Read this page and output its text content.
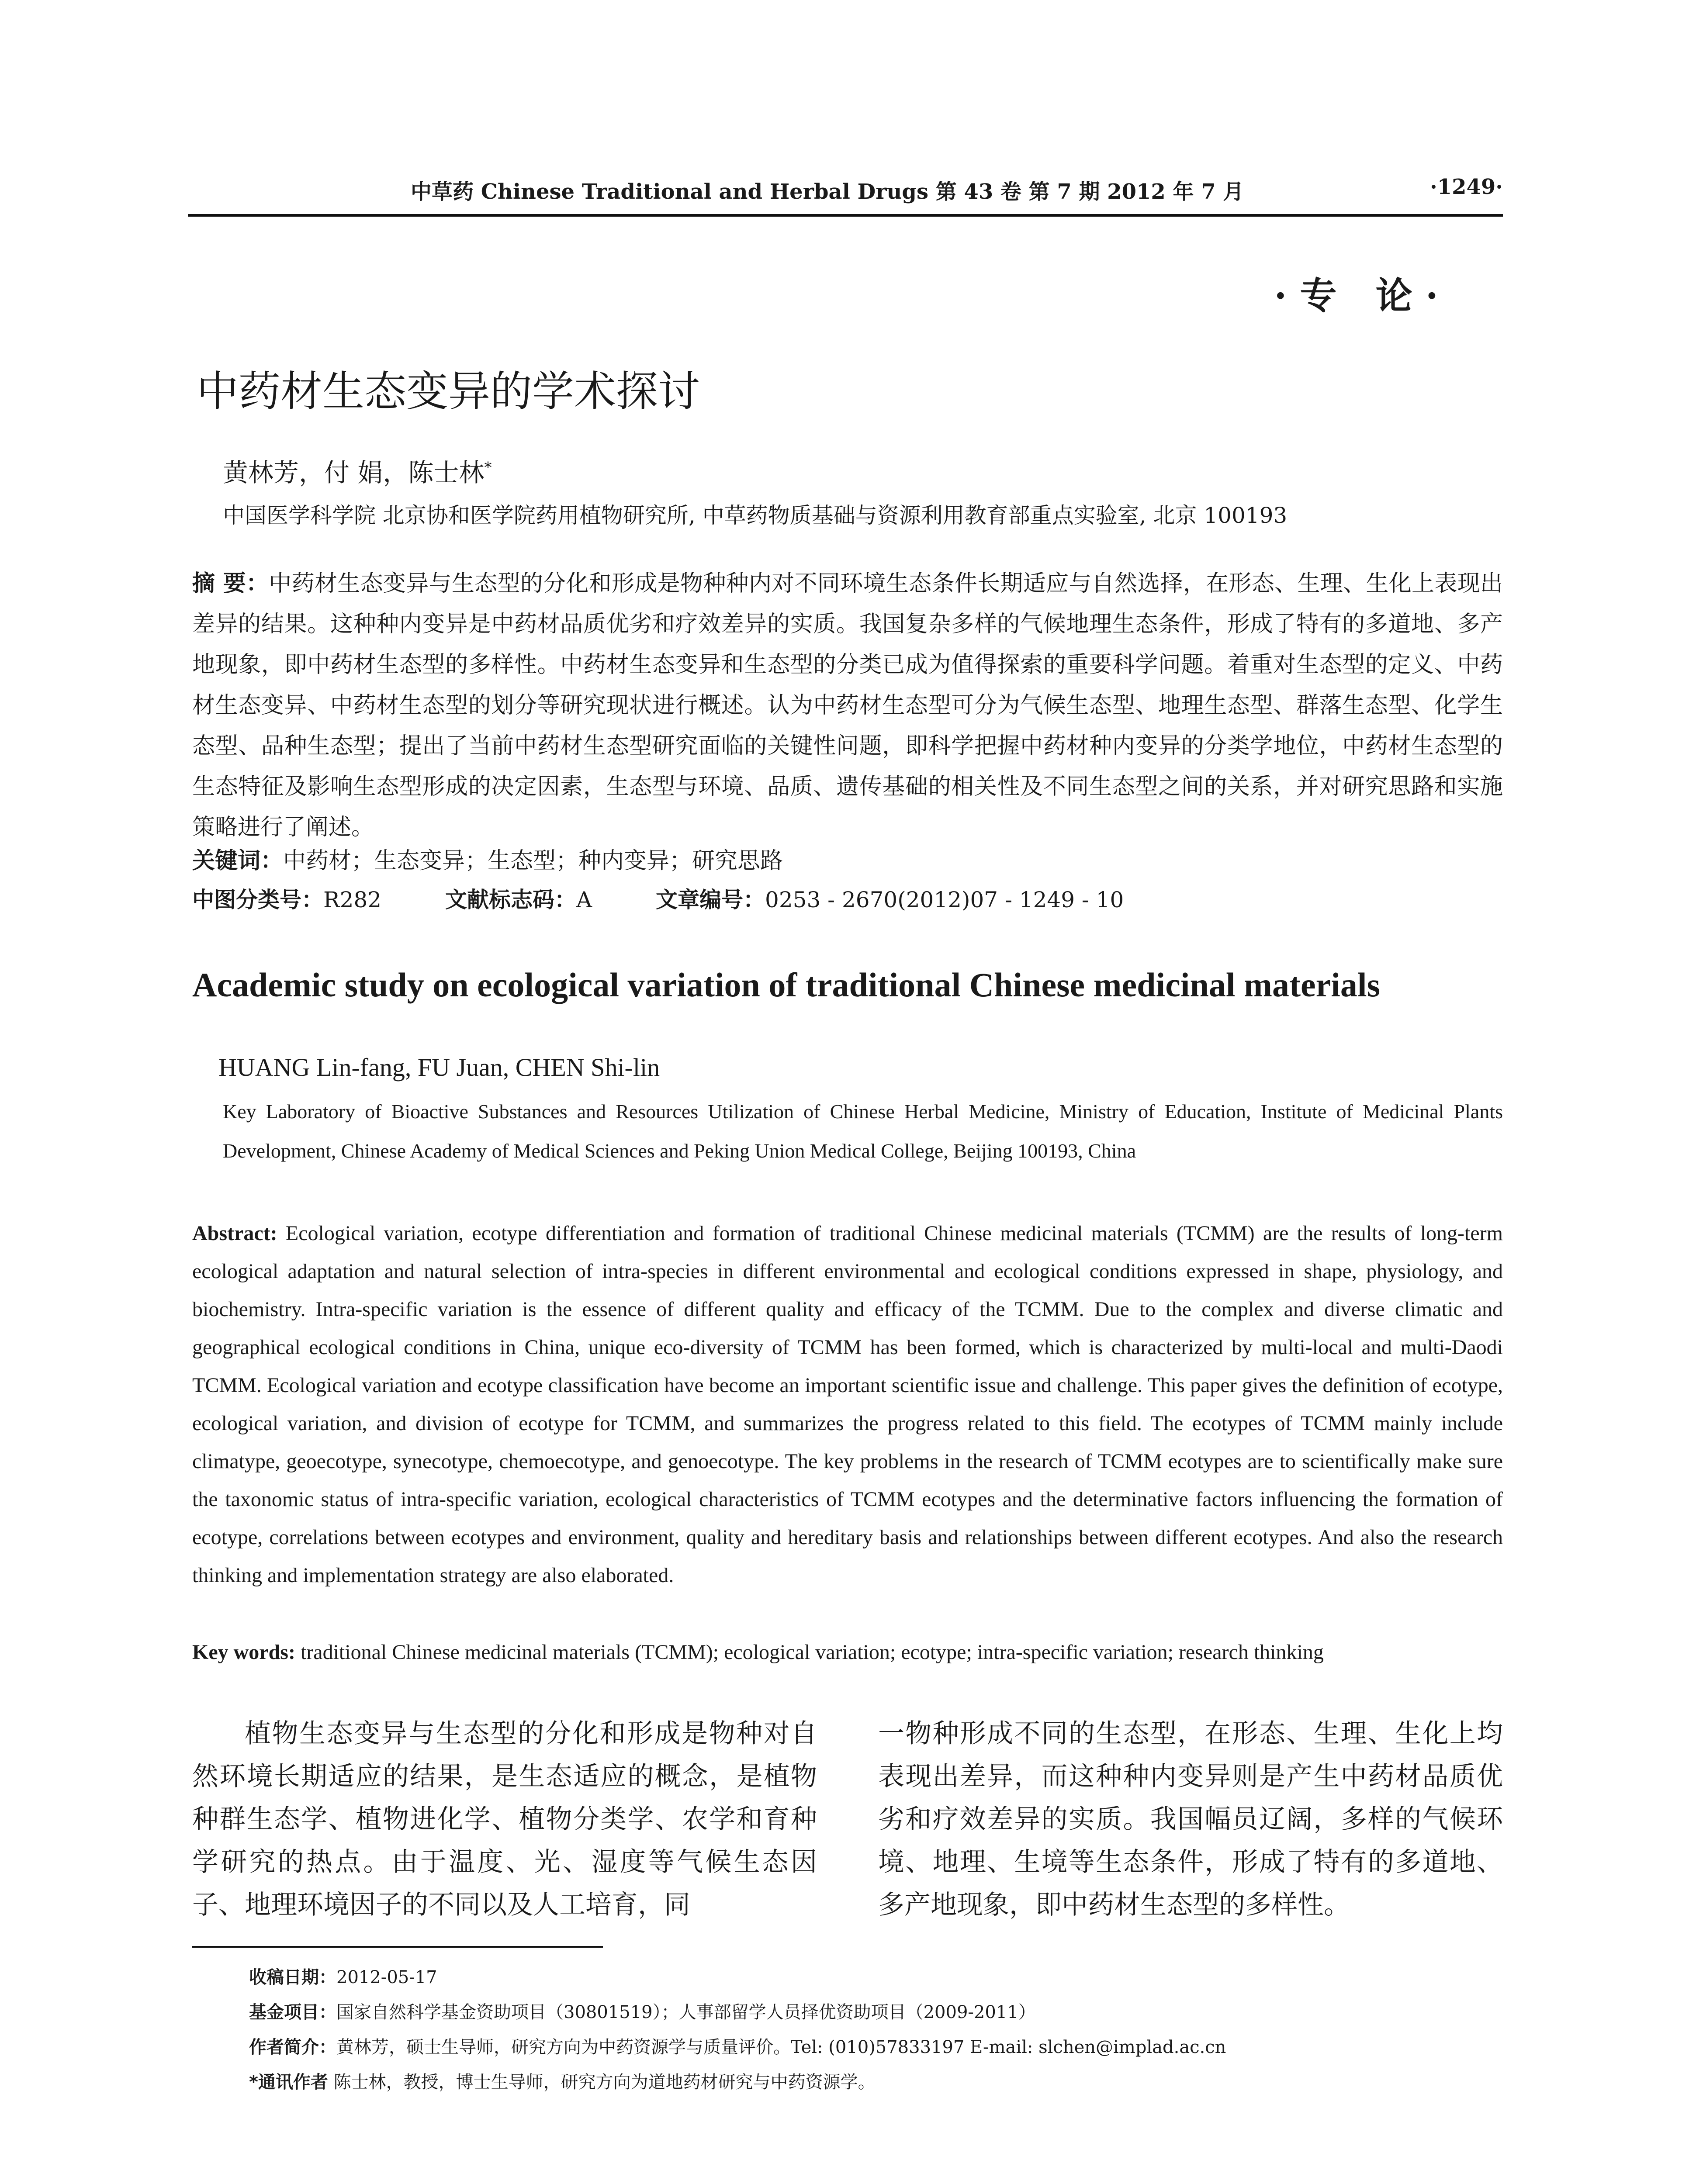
中草药 Chinese Traditional and Herbal Drugs 第 43 卷 第 7 期 2012 年 7 月	·1249·
·专 论·
中药材生态变异的学术探讨
黄林芳，付 娟，陈士林*
中国医学科学院 北京协和医学院药用植物研究所, 中草药物质基础与资源利用教育部重点实验室, 北京 100193
摘 要：中药材生态变异与生态型的分化和形成是物种种内对不同环境生态条件长期适应与自然选择，在形态、生理、生化上表现出差异的结果。这种种内变异是中药材品质优劣和疗效差异的实质。我国复杂多样的气候地理生态条件，形成了特有的多道地、多产地现象，即中药材生态型的多样性。中药材生态变异和生态型的分类已成为值得探索的重要科学问题。着重对生态型的定义、中药材生态变异、中药材生态型的划分等研究现状进行概述。认为中药材生态型可分为气候生态型、地理生态型、群落生态型、化学生态型、品种生态型；提出了当前中药材生态型研究面临的关键性问题，即科学把握中药材种内变异的分类学地位，中药材生态型的生态特征及影响生态型形成的决定因素，生态型与环境、品质、遗传基础的相关性及不同生态型之间的关系，并对研究思路和实施策略进行了阐述。
关键词：中药材；生态变异；生态型；种内变异；研究思路
中图分类号：R282	文献标志码：A	文章编号：0253 - 2670(2012)07 - 1249 - 10
Academic study on ecological variation of traditional Chinese medicinal materials
HUANG Lin-fang, FU Juan, CHEN Shi-lin
Key Laboratory of Bioactive Substances and Resources Utilization of Chinese Herbal Medicine, Ministry of Education, Institute of Medicinal Plants Development, Chinese Academy of Medical Sciences and Peking Union Medical College, Beijing 100193, China
Abstract: Ecological variation, ecotype differentiation and formation of traditional Chinese medicinal materials (TCMM) are the results of long-term ecological adaptation and natural selection of intra-species in different environmental and ecological conditions expressed in shape, physiology, and biochemistry. Intra-specific variation is the essence of different quality and efficacy of the TCMM. Due to the complex and diverse climatic and geographical ecological conditions in China, unique eco-diversity of TCMM has been formed, which is characterized by multi-local and multi-Daodi TCMM. Ecological variation and ecotype classification have become an important scientific issue and challenge. This paper gives the definition of ecotype, ecological variation, and division of ecotype for TCMM, and summarizes the progress related to this field. The ecotypes of TCMM mainly include climatype, geoecotype, synecotype, chemoecotype, and genoecotype. The key problems in the research of TCMM ecotypes are to scientifically make sure the taxonomic status of intra-specific variation, ecological characteristics of TCMM ecotypes and the determinative factors influencing the formation of ecotype, correlations between ecotypes and environment, quality and hereditary basis and relationships between different ecotypes. And also the research thinking and implementation strategy are also elaborated.
Key words: traditional Chinese medicinal materials (TCMM); ecological variation; ecotype; intra-specific variation; research thinking
植物生态变异与生态型的分化和形成是物种对自然环境长期适应的结果，是生态适应的概念，是植物种群生态学、植物进化学、植物分类学、农学和育种学研究的热点。由于温度、光、湿度等气候生态因子、地理环境因子的不同以及人工培育，同
一物种形成不同的生态型，在形态、生理、生化上均表现出差异，而这种种内变异则是产生中药材品质优劣和疗效差异的实质。我国幅员辽阔，多样的气候环境、地理、生境等生态条件，形成了特有的多道地、多产地现象，即中药材生态型的多样性。
收稿日期：2012-05-17
基金项目：国家自然科学基金资助项目（30801519）；人事部留学人员择优资助项目（2009-2011）
作者简介：黄林芳，硕士生导师，研究方向为中药资源学与质量评价。Tel: (010)57833197 E-mail: slchen@implad.ac.cn
*通讯作者 陈士林，教授，博士生导师，研究方向为道地药材研究与中药资源学。
